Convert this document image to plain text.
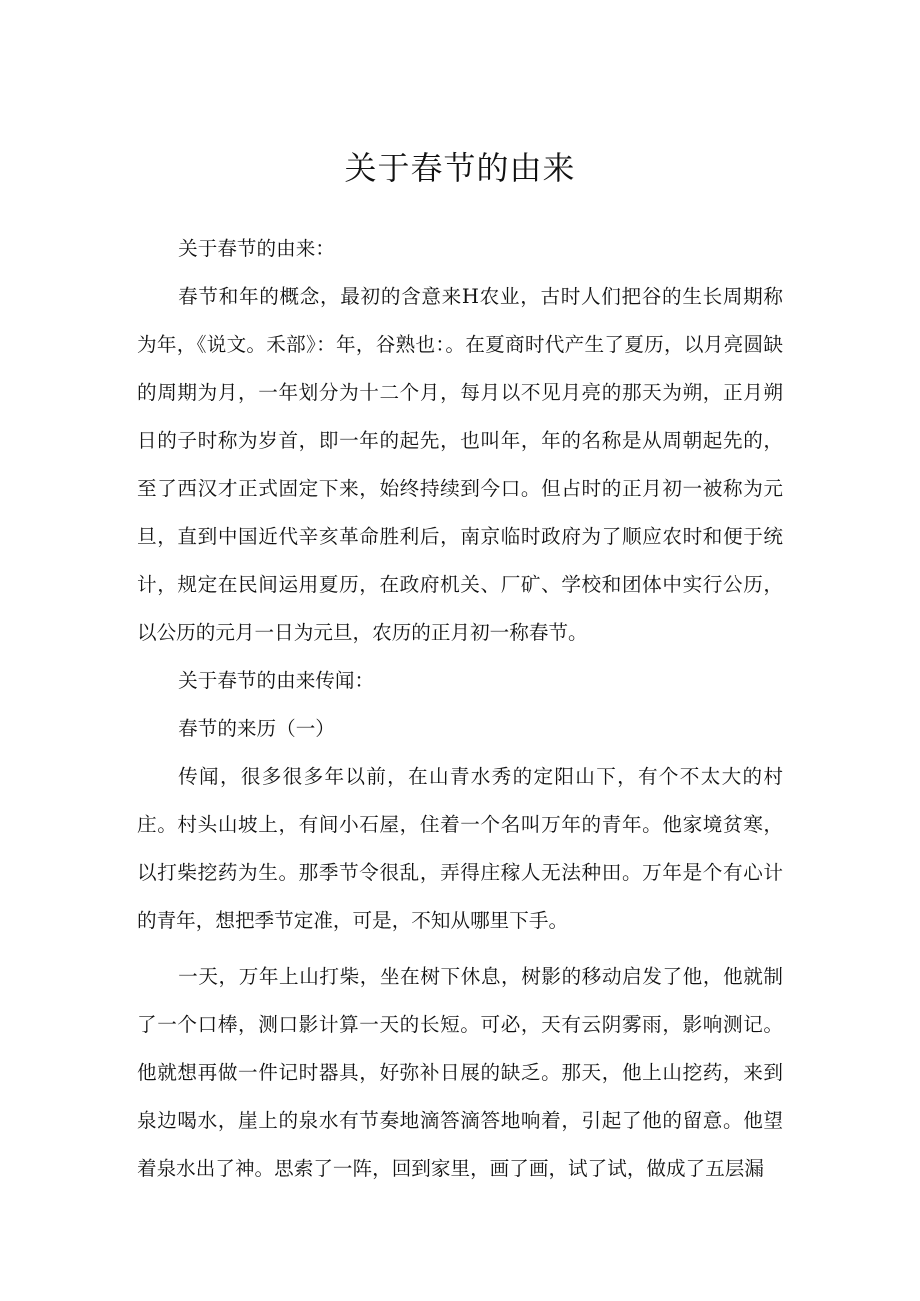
关于春节的由来

关于春节的由来：

春节和年的概念，最初的含意来H农业，古时人们把谷的生长周期称为年，《说文。禾部》：年，谷熟也：。在夏商时代产生了夏历，以月亮圆缺的周期为月，一年划分为十二个月，每月以不见月亮的那天为朔，正月朔日的子时称为岁首，即一年的起先，也叫年，年的名称是从周朝起先的，至了西汉才正式固定下来，始终持续到今口。但占时的正月初一被称为元旦，直到中国近代辛亥革命胜利后，南京临时政府为了顺应农时和便于统计，规定在民间运用夏历，在政府机关、厂矿、学校和团体中实行公历，以公历的元月一日为元旦，农历的正月初一称春节。

关于春节的由来传闻：

春节的来历（一）

传闻，很多很多年以前，在山青水秀的定阳山下，有个不太大的村庄。村头山坡上，有间小石屋，住着一个名叫万年的青年。他家境贫寒，以打柴挖药为生。那季节令很乱，弄得庄稼人无法种田。万年是个有心计的青年，想把季节定准，可是，不知从哪里下手。

一天，万年上山打柴，坐在树下休息，树影的移动启发了他，他就制了一个口棒，测口影计算一天的长短。可必，天有云阴雾雨，影响测记。他就想再做一件记时器具，好弥补日展的缺乏。那天，他上山挖药，来到泉边喝水，崖上的泉水有节奏地滴答滴答地响着，引起了他的留意。他望着泉水出了神。思索了一阵，回到家里，画了画，试了试，做成了五层漏
